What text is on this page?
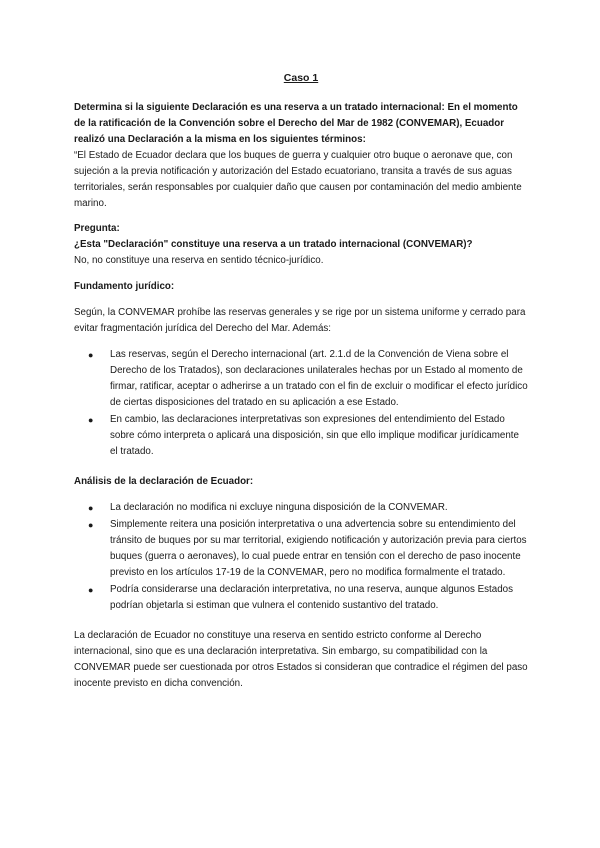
Caso 1

Determina si la siguiente Declaración es una reserva a un tratado internacional: En el momento de la ratificación de la Convención sobre el Derecho del Mar de 1982 (CONVEMAR), Ecuador realizó una Declaración a la misma en los siguientes términos:

“El Estado de Ecuador declara que los buques de guerra y cualquier otro buque o aeronave que, con sujeción a la previa notificación y autorización del Estado ecuatoriano, transita a través de sus aguas territoriales, serán responsables por cualquier daño que causen por contaminación del medio ambiente marino.

Pregunta:

¿Esta "Declaración" constituye una reserva a un tratado internacional (CONVEMAR)?

No, no constituye una reserva en sentido técnico-jurídico.

Fundamento jurídico:

Según, la CONVEMAR prohíbe las reservas generales y se rige por un sistema uniforme y cerrado para evitar fragmentación jurídica del Derecho del Mar. Además:

● Las reservas, según el Derecho internacional (art. 2.1.d de la Convención de Viena sobre el Derecho de los Tratados), son declaraciones unilaterales hechas por un Estado al momento de firmar, ratificar, aceptar o adherirse a un tratado con el fin de excluir o modificar el efecto jurídico de ciertas disposiciones del tratado en su aplicación a ese Estado.
● En cambio, las declaraciones interpretativas son expresiones del entendimiento del Estado sobre cómo interpreta o aplicará una disposición, sin que ello implique modificar jurídicamente el tratado.

Análisis de la declaración de Ecuador:

● La declaración no modifica ni excluye ninguna disposición de la CONVEMAR.
● Simplemente reitera una posición interpretativa o una advertencia sobre su entendimiento del tránsito de buques por su mar territorial, exigiendo notificación y autorización previa para ciertos buques (guerra o aeronaves), lo cual puede entrar en tensión con el derecho de paso inocente previsto en los artículos 17-19 de la CONVEMAR, pero no modifica formalmente el tratado.
● Podría considerarse una declaración interpretativa, no una reserva, aunque algunos Estados podrían objetarla si estiman que vulnera el contenido sustantivo del tratado.

La declaración de Ecuador no constituye una reserva en sentido estricto conforme al Derecho internacional, sino que es una declaración interpretativa. Sin embargo, su compatibilidad con la CONVEMAR puede ser cuestionada por otros Estados si consideran que contradice el régimen del paso inocente previsto en dicha convención.
